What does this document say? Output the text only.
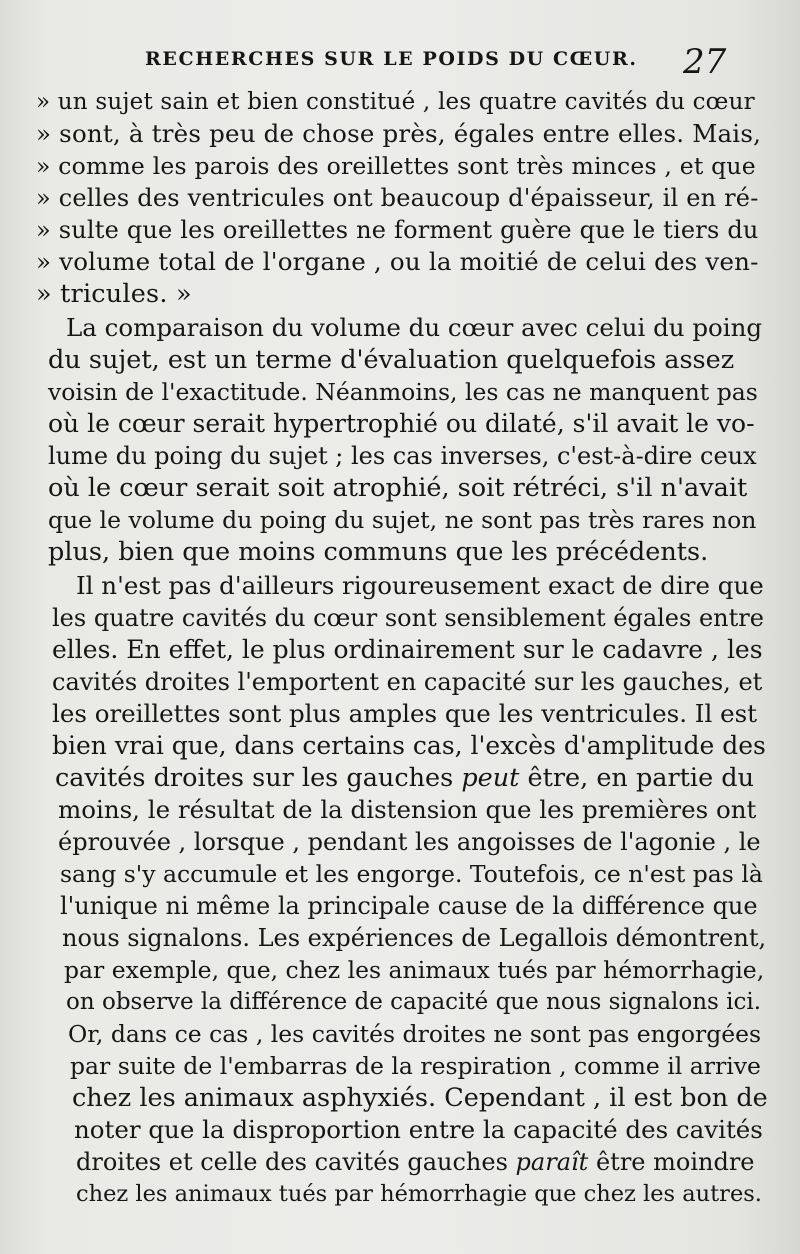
RECHERCHES SUR LE POIDS DU CŒUR. 27
» un sujet sain et bien constitué , les quatre cavités du cœur
» sont, à très peu de chose près, égales entre elles. Mais,
» comme les parois des oreillettes sont très minces , et que
» celles des ventricules ont beaucoup d'épaisseur, il en ré-
» sulte que les oreillettes ne forment guère que le tiers du
» volume total de l'organe , ou la moitié de celui des ven-
» tricules. »
La comparaison du volume du cœur avec celui du poing
du sujet, est un terme d'évaluation quelquefois assez
voisin de l'exactitude. Néanmoins, les cas ne manquent pas
où le cœur serait hypertrophié ou dilaté, s'il avait le vo-
lume du poing du sujet ; les cas inverses, c'est-à-dire ceux
où le cœur serait soit atrophié, soit rétréci, s'il n'avait
que le volume du poing du sujet, ne sont pas très rares non
plus, bien que moins communs que les précédents.
Il n'est pas d'ailleurs rigoureusement exact de dire que
les quatre cavités du cœur sont sensiblement égales entre
elles. En effet, le plus ordinairement sur le cadavre , les
cavités droites l'emportent en capacité sur les gauches, et
les oreillettes sont plus amples que les ventricules. Il est
bien vrai que, dans certains cas, l'excès d'amplitude des
cavités droites sur les gauches peut être, en partie du
moins, le résultat de la distension que les premières ont
éprouvée , lorsque , pendant les angoisses de l'agonie , le
sang s'y accumule et les engorge. Toutefois, ce n'est pas là
l'unique ni même la principale cause de la différence que
nous signalons. Les expériences de Legallois démontrent,
par exemple, que, chez les animaux tués par hémorrhagie,
on observe la différence de capacité que nous signalons ici.
Or, dans ce cas , les cavités droites ne sont pas engorgées
par suite de l'embarras de la respiration , comme il arrive
chez les animaux asphyxiés. Cependant , il est bon de
noter que la disproportion entre la capacité des cavités
droites et celle des cavités gauches paraît être moindre
chez les animaux tués par hémorrhagie que chez les autres.
